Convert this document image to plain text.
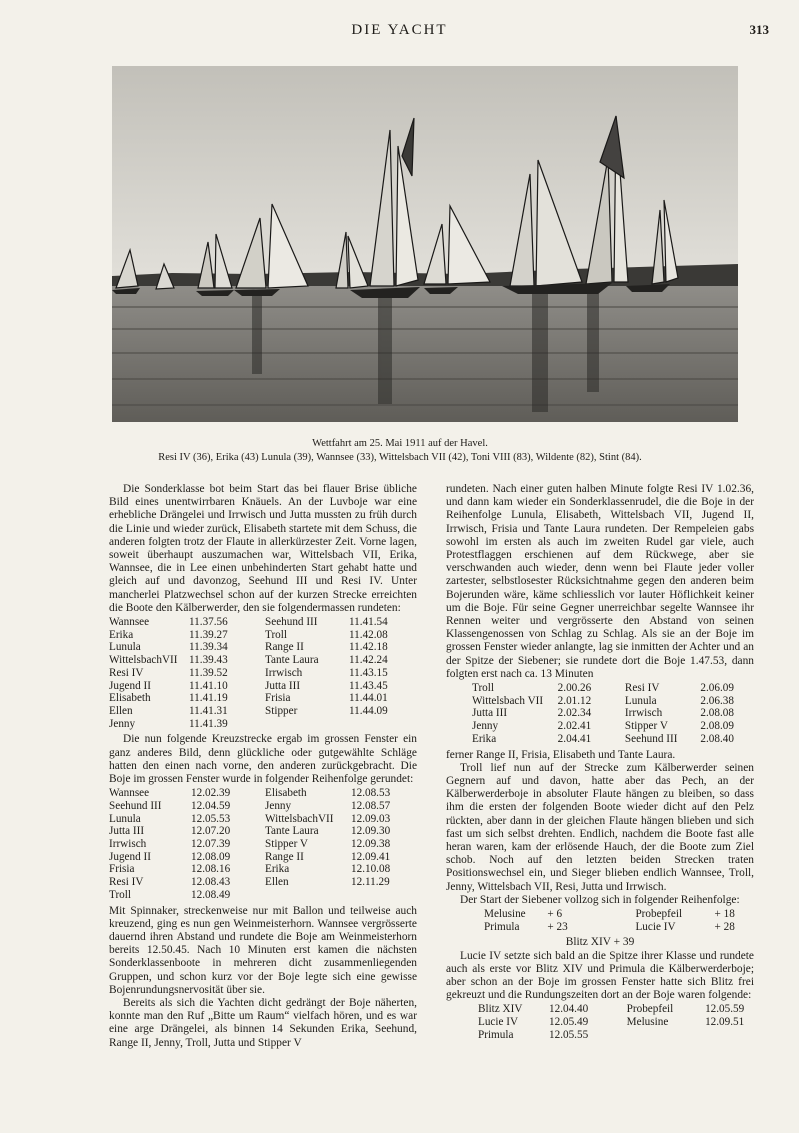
DIE YACHT	313
Wettfahrt am 25. Mai 1911 auf der Havel.
Resi IV (36), Erika (43) Lunula (39), Wannsee (33), Wittelsbach VII (42), Toni VIII (83), Wildente (82), Stint (84).

Die Sonderklasse bot beim Start das bei flauer Brise übliche Bild eines unentwirrbaren Knäuels. An der Luvboje war eine erhebliche Drängelei und Irrwisch und Jutta mussten zu früh durch die Linie und wieder zurück, Elisabeth startete mit dem Schuss, die anderen folgten trotz der Flaute in allerkürzester Zeit. Vorne lagen, soweit überhaupt auszumachen war, Wittelsbach VII, Erika, Wannsee, die in Lee einen unbehinderten Start gehabt hatte und gleich auf und davonzog, Seehund III und Resi IV. Unter mancherlei Platzwechsel schon auf der kurzen Strecke erreichten die Boote den Kälberwerder, den sie folgendermassen rundeten:

Wannsee	11.37.56	Seehund III	11.41.54
Erika	11.39.27	Troll	11.42.08
Lunula	11.39.34	Range II	11.42.18
WittelsbachVII	11.39.43	Tante Laura	11.42.24
Resi IV	11.39.52	Irrwisch	11.43.15
Jugend II	11.41.10	Jutta III	11.43.45
Elisabeth	11.41.19	Frisia	11.44.01
Ellen	11.41.31	Stipper	11.44.09
Jenny	11.41.39		

Die nun folgende Kreuzstrecke ergab im grossen Fenster ein ganz anderes Bild, denn glückliche oder gutgewählte Schläge hatten den einen nach vorne, den anderen zurückgebracht. Die Boje im grossen Fenster wurde in folgender Reihenfolge gerundet:

Wannsee	12.02.39	Elisabeth	12.08.53
Seehund III	12.04.59	Jenny	12.08.57
Lunula	12.05.53	WittelsbachVII	12.09.03
Jutta III	12.07.20	Tante Laura	12.09.30
Irrwisch	12.07.39	Stipper V	12.09.38
Jugend II	12.08.09	Range II	12.09.41
Frisia	12.08.16	Erika	12.10.08
Resi IV	12.08.43	Ellen	12.11.29
Troll	12.08.49		

Mit Spinnaker, streckenweise nur mit Ballon und teilweise auch kreuzend, ging es nun gen Weinmeisterhorn. Wannsee vergrösserte dauernd ihren Abstand und rundete die Boje am Weinmeisterhorn bereits 12.50.45. Nach 10 Minuten erst kamen die nächsten Sonderklassenboote in mehreren dicht zusammenliegenden Gruppen, und schon kurz vor der Boje legte sich eine gewisse Bojenrundungsnervosität über sie.

Bereits als sich die Yachten dicht gedrängt der Boje näherten, konnte man den Ruf „Bitte um Raum“ vielfach hören, und es war eine arge Drängelei, als binnen 14 Sekunden Erika, Seehund, Range II, Jenny, Troll, Jutta und Stipper V

rundeten. Nach einer guten halben Minute folgte Resi IV 1.02.36, und dann kam wieder ein Sonderklassenrudel, die die Boje in der Reihenfolge Lunula, Elisabeth, Wittelsbach VII, Jugend II, Irrwisch, Frisia und Tante Laura rundeten. Der Rempeleien gabs sowohl im ersten als auch im zweiten Rudel gar viele, auch Protestflaggen erschienen auf dem Rückwege, aber sie verschwanden auch wieder, denn wenn bei Flaute jeder voller zartester, selbstlosester Rücksichtnahme gegen den anderen beim Bojerunden wäre, käme schliesslich vor lauter Höflichkeit keiner um die Boje. Für seine Gegner unerreichbar segelte Wannsee ihr Rennen weiter und vergrösserte den Abstand von seinen Klassengenossen von Schlag zu Schlag. Als sie an der Boje im grossen Fenster wieder anlangte, lag sie inmitten der Achter und an der Spitze der Siebener; sie rundete dort die Boje 1.47.53, dann folgten erst nach ca. 13 Minuten

Troll	2.00.26	Resi IV	2.06.09
Wittelsbach VII	2.01.12	Lunula	2.06.38
Jutta III	2.02.34	Irrwisch	2.08.08
Jenny	2.02.41	Stipper V	2.08.09
Erika	2.04.41	Seehund III	2.08.40

ferner Range II, Frisia, Elisabeth und Tante Laura.

Troll lief nun auf der Strecke zum Kälberwerder seinen Gegnern auf und davon, hatte aber das Pech, an der Kälberwerderboje in absoluter Flaute hängen zu bleiben, so dass ihm die ersten der folgenden Boote wieder dicht auf den Pelz rückten, aber dann in der gleichen Flaute hängen blieben und sich fast um sich selbst drehten. Endlich, nachdem die Boote fast alle heran waren, kam der erlösende Hauch, der die Boote zum Ziel schob. Noch auf den letzten beiden Strecken traten Positionswechsel ein, und Sieger blieben endlich Wannsee, Troll, Jenny, Wittelsbach VII, Resi, Jutta und Irrwisch.

Der Start der Siebener vollzog sich in folgender Reihenfolge:

Melusine	+ 6	Probepfeil	+ 18
Primula	+ 23	Lucie IV	+ 28
Blitz XIV + 39

Lucie IV setzte sich bald an die Spitze ihrer Klasse und rundete auch als erste vor Blitz XIV und Primula die Kälberwerderboje; aber schon an der Boje im grossen Fenster hatte sich Blitz frei gekreuzt und die Rundungszeiten dort an der Boje waren folgende:

Blitz XIV	12.04.40	Probepfeil	12.05.59
Lucie IV	12.05.49	Melusine	12.09.51
Primula	12.05.55		
